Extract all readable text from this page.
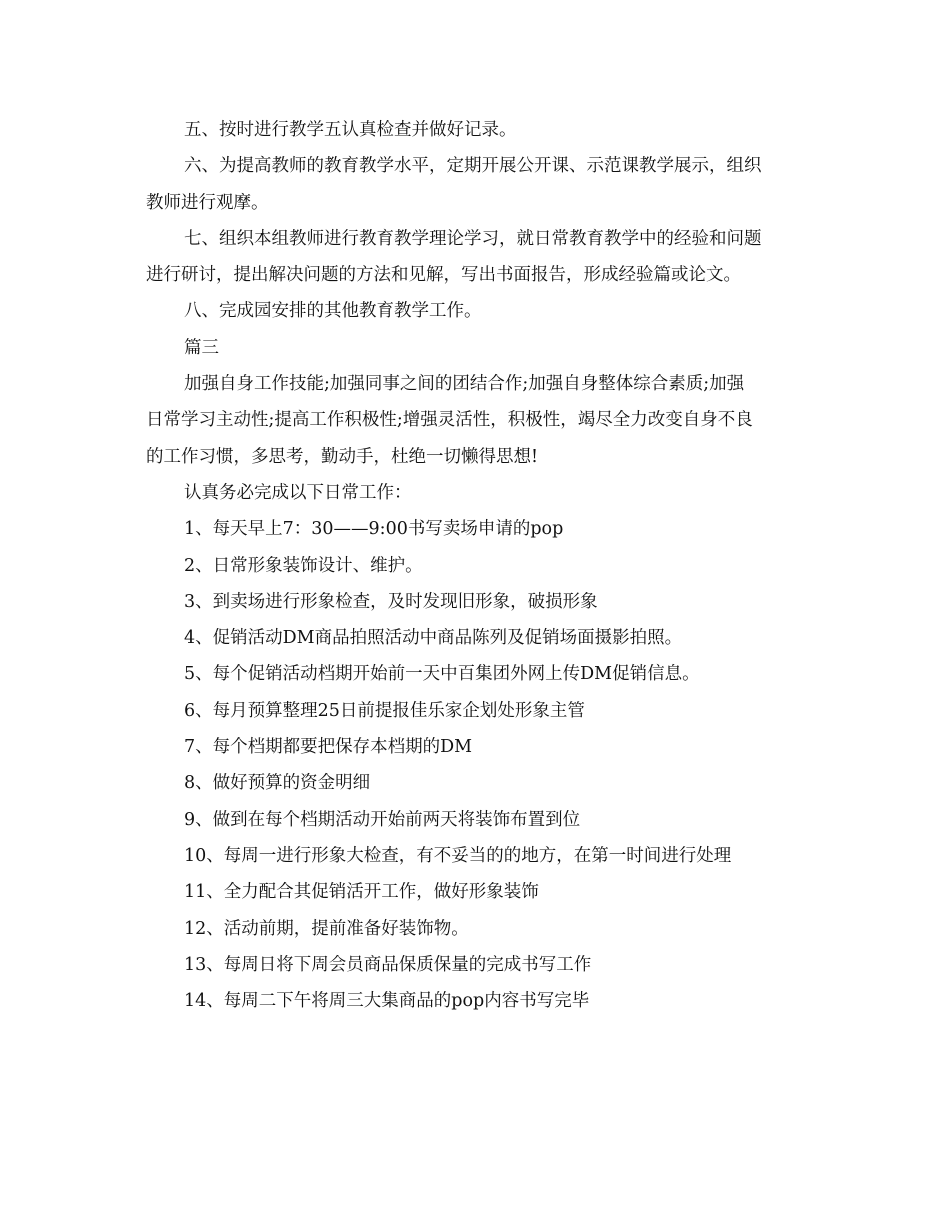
五、按时进行教学五认真检查并做好记录。
六、为提高教师的教育教学水平，定期开展公开课、示范课教学展示，组织
教师进行观摩。
七、组织本组教师进行教育教学理论学习，就日常教育教学中的经验和问题
进行研讨，提出解决问题的方法和见解，写出书面报告，形成经验篇或论文。
八、完成园安排的其他教育教学工作。
篇三
加强自身工作技能;加强同事之间的团结合作;加强自身整体综合素质;加强
日常学习主动性;提高工作积极性;增强灵活性，积极性，竭尽全力改变自身不良
的工作习惯，多思考，勤动手，杜绝一切懒得思想!
认真务必完成以下日常工作：
1、每天早上7：30——9:00书写卖场申请的pop
2、日常形象装饰设计、维护。
3、到卖场进行形象检查，及时发现旧形象，破损形象
4、促销活动DM商品拍照活动中商品陈列及促销场面摄影拍照。
5、每个促销活动档期开始前一天中百集团外网上传DM促销信息。
6、每月预算整理25日前提报佳乐家企划处形象主管
7、每个档期都要把保存本档期的DM
8、做好预算的资金明细
9、做到在每个档期活动开始前两天将装饰布置到位
10、每周一进行形象大检查，有不妥当的的地方，在第一时间进行处理
11、全力配合其促销活开工作，做好形象装饰
12、活动前期，提前准备好装饰物。
13、每周日将下周会员商品保质保量的完成书写工作
14、每周二下午将周三大集商品的pop内容书写完毕
